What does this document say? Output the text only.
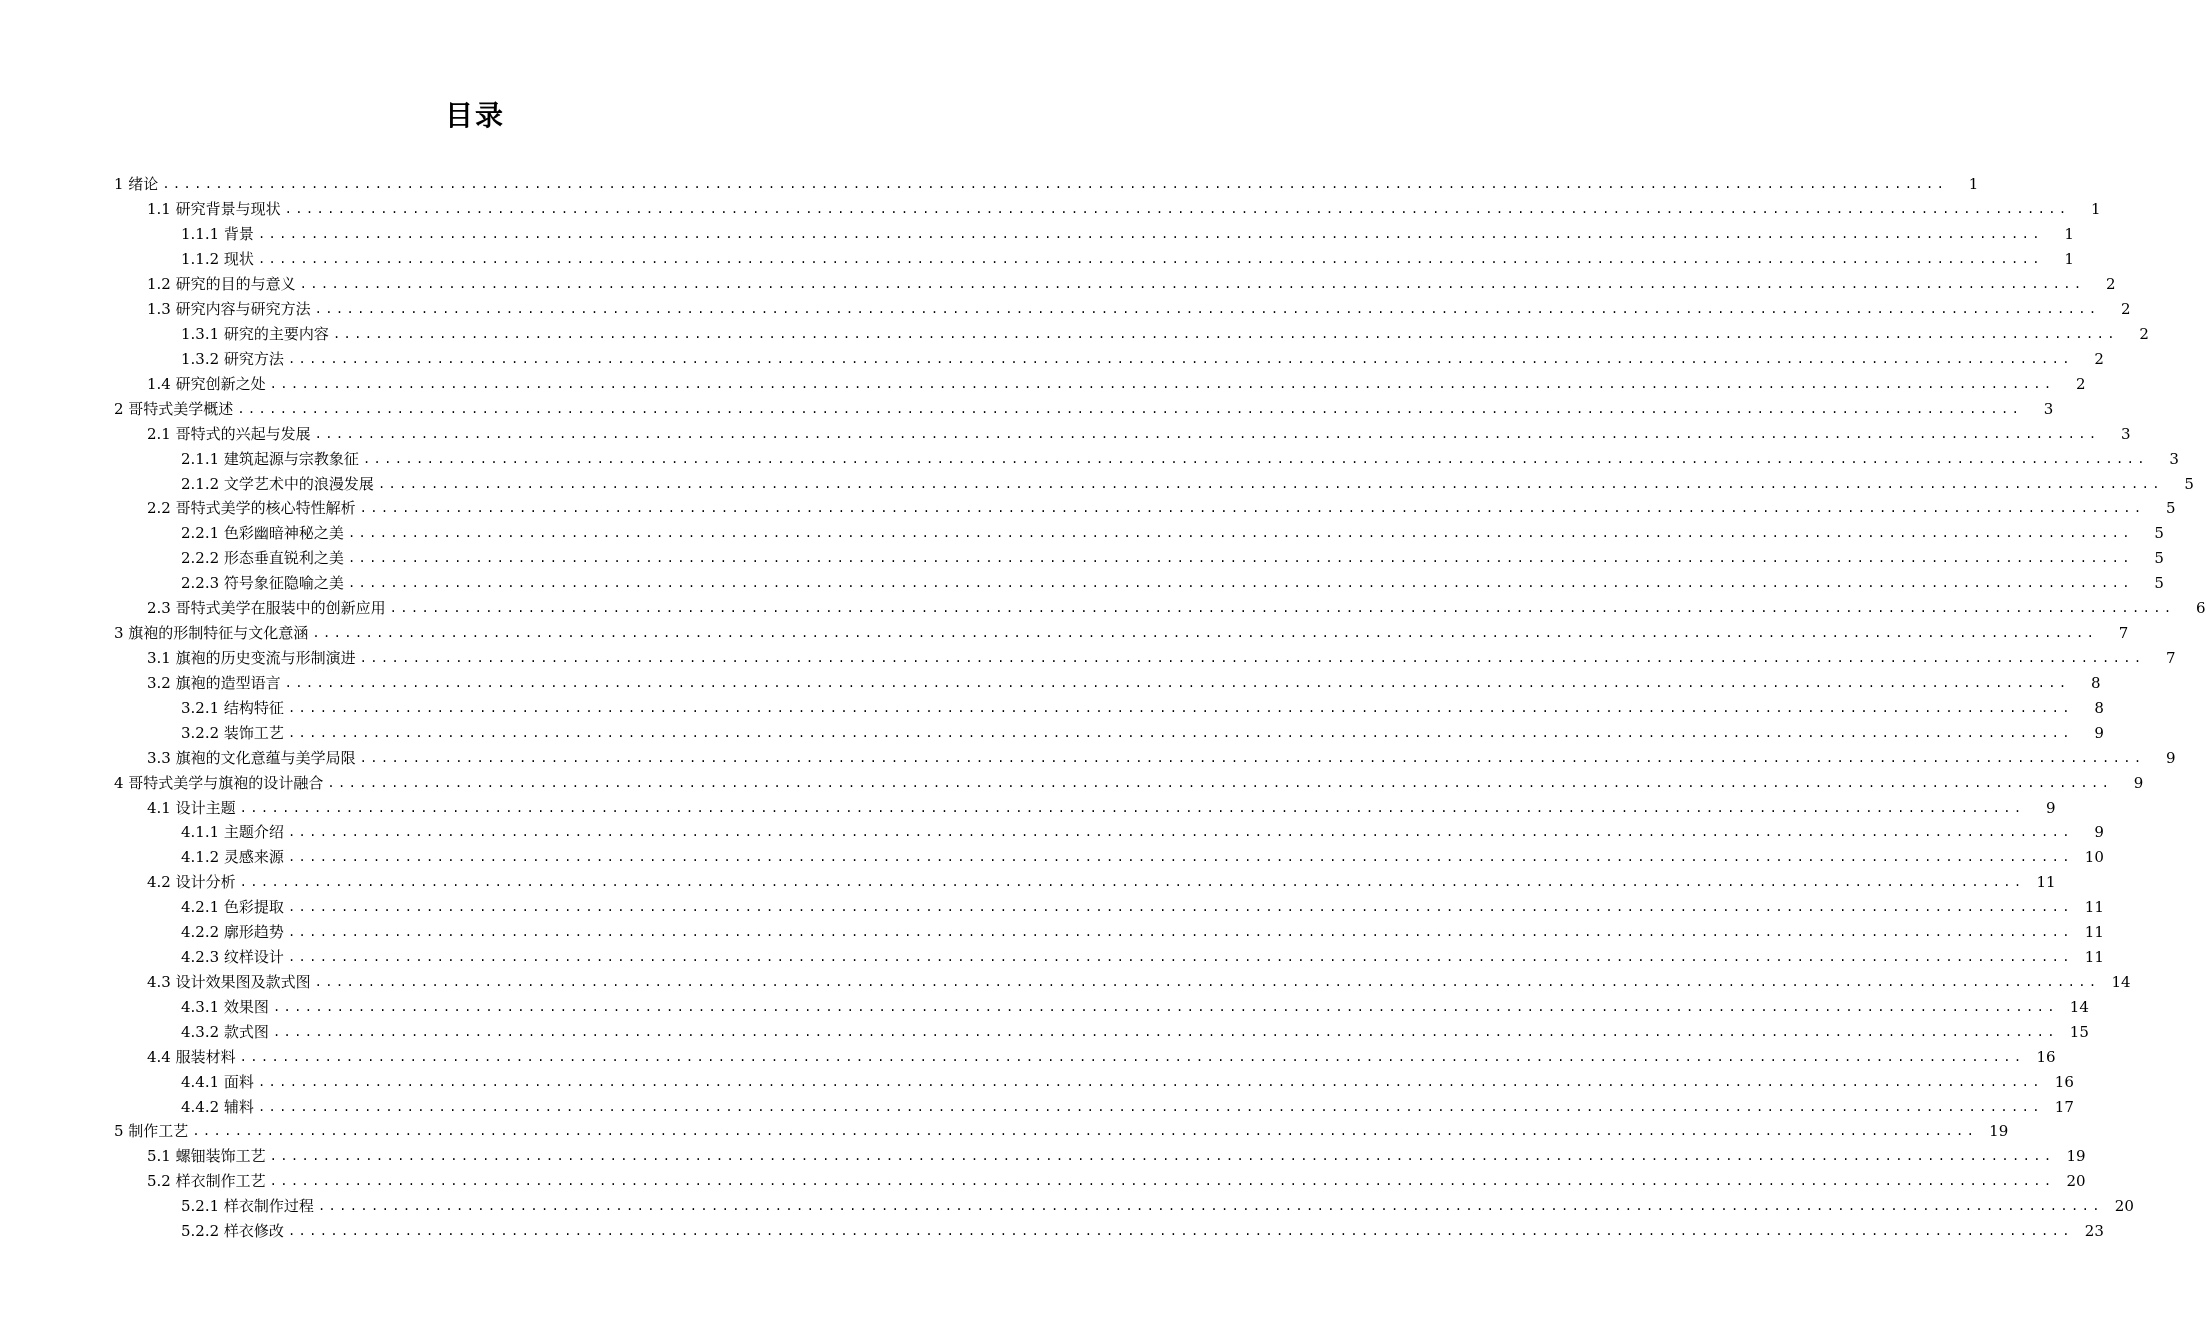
目录
1 绪论 ........................................................................................................................................................................	1
1.1 研究背景与现状 ........................................................................................................................................................................	1
1.1.1 背景 ........................................................................................................................................................................	1
1.1.2 现状 ........................................................................................................................................................................	1
1.2 研究的目的与意义 ........................................................................................................................................................................	2
1.3 研究内容与研究方法 ........................................................................................................................................................................	2
1.3.1 研究的主要内容 ........................................................................................................................................................................	2
1.3.2 研究方法 ........................................................................................................................................................................	2
1.4 研究创新之处 ........................................................................................................................................................................	2
2 哥特式美学概述 ........................................................................................................................................................................	3
2.1 哥特式的兴起与发展 ........................................................................................................................................................................	3
2.1.1 建筑起源与宗教象征 ........................................................................................................................................................................	3
2.1.2 文学艺术中的浪漫发展 ........................................................................................................................................................................	5
2.2 哥特式美学的核心特性解析 ........................................................................................................................................................................	5
2.2.1 色彩幽暗神秘之美 ........................................................................................................................................................................	5
2.2.2 形态垂直锐利之美 ........................................................................................................................................................................	5
2.2.3 符号象征隐喻之美 ........................................................................................................................................................................	5
2.3 哥特式美学在服装中的创新应用 ........................................................................................................................................................................	6
3 旗袍的形制特征与文化意涵 ........................................................................................................................................................................	7
3.1 旗袍的历史变流与形制演进 ........................................................................................................................................................................	7
3.2 旗袍的造型语言 ........................................................................................................................................................................	8
3.2.1 结构特征 ........................................................................................................................................................................	8
3.2.2 装饰工艺 ........................................................................................................................................................................	9
3.3 旗袍的文化意蕴与美学局限 ........................................................................................................................................................................	9
4 哥特式美学与旗袍的设计融合 ........................................................................................................................................................................	9
4.1 设计主题 ........................................................................................................................................................................	9
4.1.1 主题介绍 ........................................................................................................................................................................	9
4.1.2 灵感来源 ........................................................................................................................................................................ 10
4.2 设计分析 ........................................................................................................................................................................ 11
4.2.1 色彩提取 ........................................................................................................................................................................ 11
4.2.2 廓形趋势 ........................................................................................................................................................................ 11
4.2.3 纹样设计 ........................................................................................................................................................................ 11
4.3 设计效果图及款式图 ........................................................................................................................................................................ 14
4.3.1 效果图 ........................................................................................................................................................................ 14
4.3.2 款式图 ........................................................................................................................................................................ 15
4.4 服装材料 ........................................................................................................................................................................ 16
4.4.1 面料 ........................................................................................................................................................................ 16
4.4.2 辅料 ........................................................................................................................................................................ 17
5 制作工艺 ........................................................................................................................................................................ 19
5.1 螺钿装饰工艺 ........................................................................................................................................................................ 19
5.2 样衣制作工艺 ........................................................................................................................................................................ 20
5.2.1 样衣制作过程 ........................................................................................................................................................................ 20
5.2.2 样衣修改 ........................................................................................................................................................................ 23
